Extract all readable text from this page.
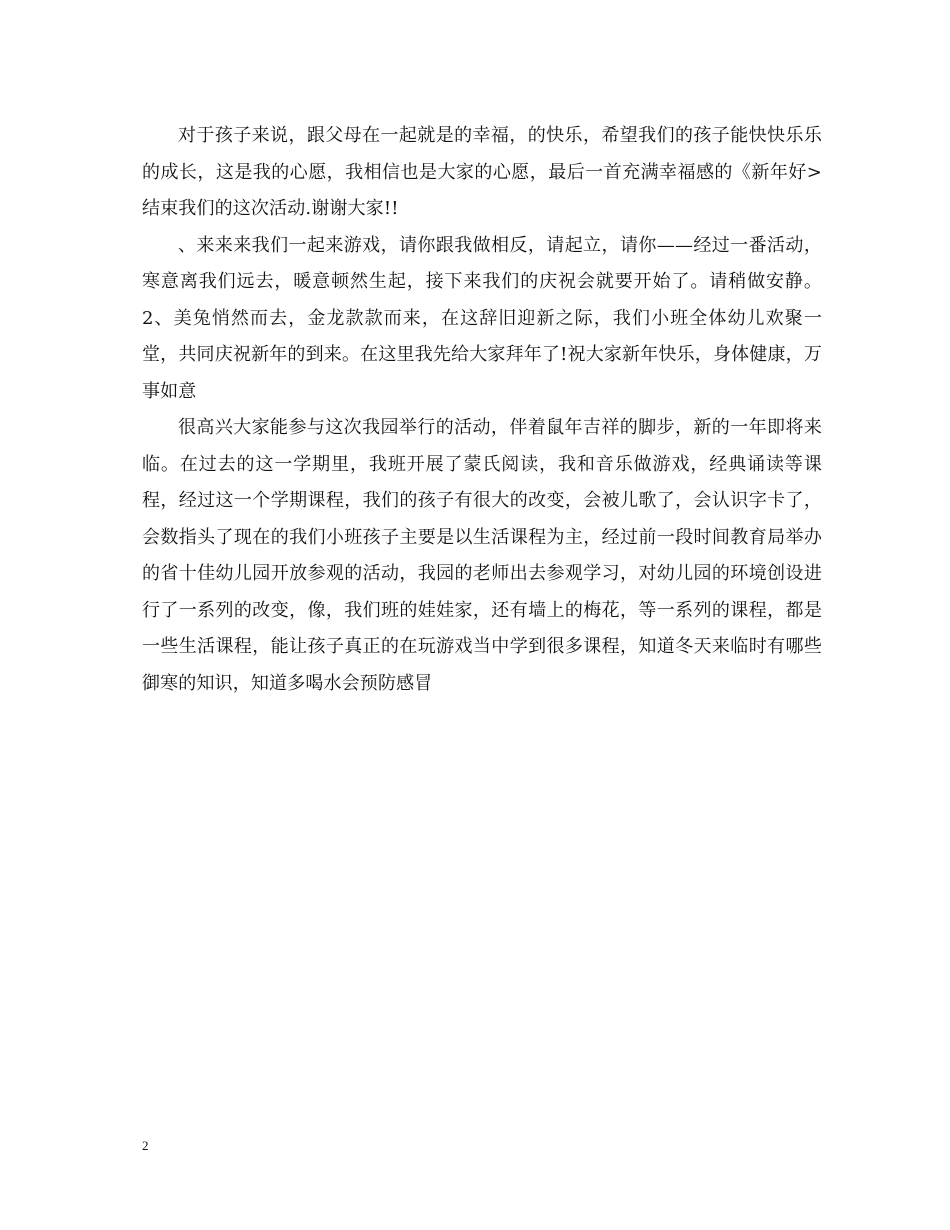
对于孩子来说，跟父母在一起就是的幸福，的快乐，希望我们的孩子能快快乐乐的成长，这是我的心愿，我相信也是大家的心愿，最后一首充满幸福感的《新年好>结束我们的这次活动.谢谢大家!!

、来来来我们一起来游戏，请你跟我做相反，请起立，请你——经过一番活动，寒意离我们远去，暖意顿然生起，接下来我们的庆祝会就要开始了。请稍做安静。2、美兔悄然而去，金龙款款而来，在这辞旧迎新之际，我们小班全体幼儿欢聚一堂，共同庆祝新年的到来。在这里我先给大家拜年了!祝大家新年快乐，身体健康，万事如意

很高兴大家能参与这次我园举行的活动，伴着鼠年吉祥的脚步，新的一年即将来临。在过去的这一学期里，我班开展了蒙氏阅读，我和音乐做游戏，经典诵读等课程，经过这一个学期课程，我们的孩子有很大的改变，会被儿歌了，会认识字卡了，会数指头了现在的我们小班孩子主要是以生活课程为主，经过前一段时间教育局举办的省十佳幼儿园开放参观的活动，我园的老师出去参观学习，对幼儿园的环境创设进行了一系列的改变，像，我们班的娃娃家，还有墙上的梅花，等一系列的课程，都是一些生活课程，能让孩子真正的在玩游戏当中学到很多课程，知道冬天来临时有哪些御寒的知识，知道多喝水会预防感冒

2
